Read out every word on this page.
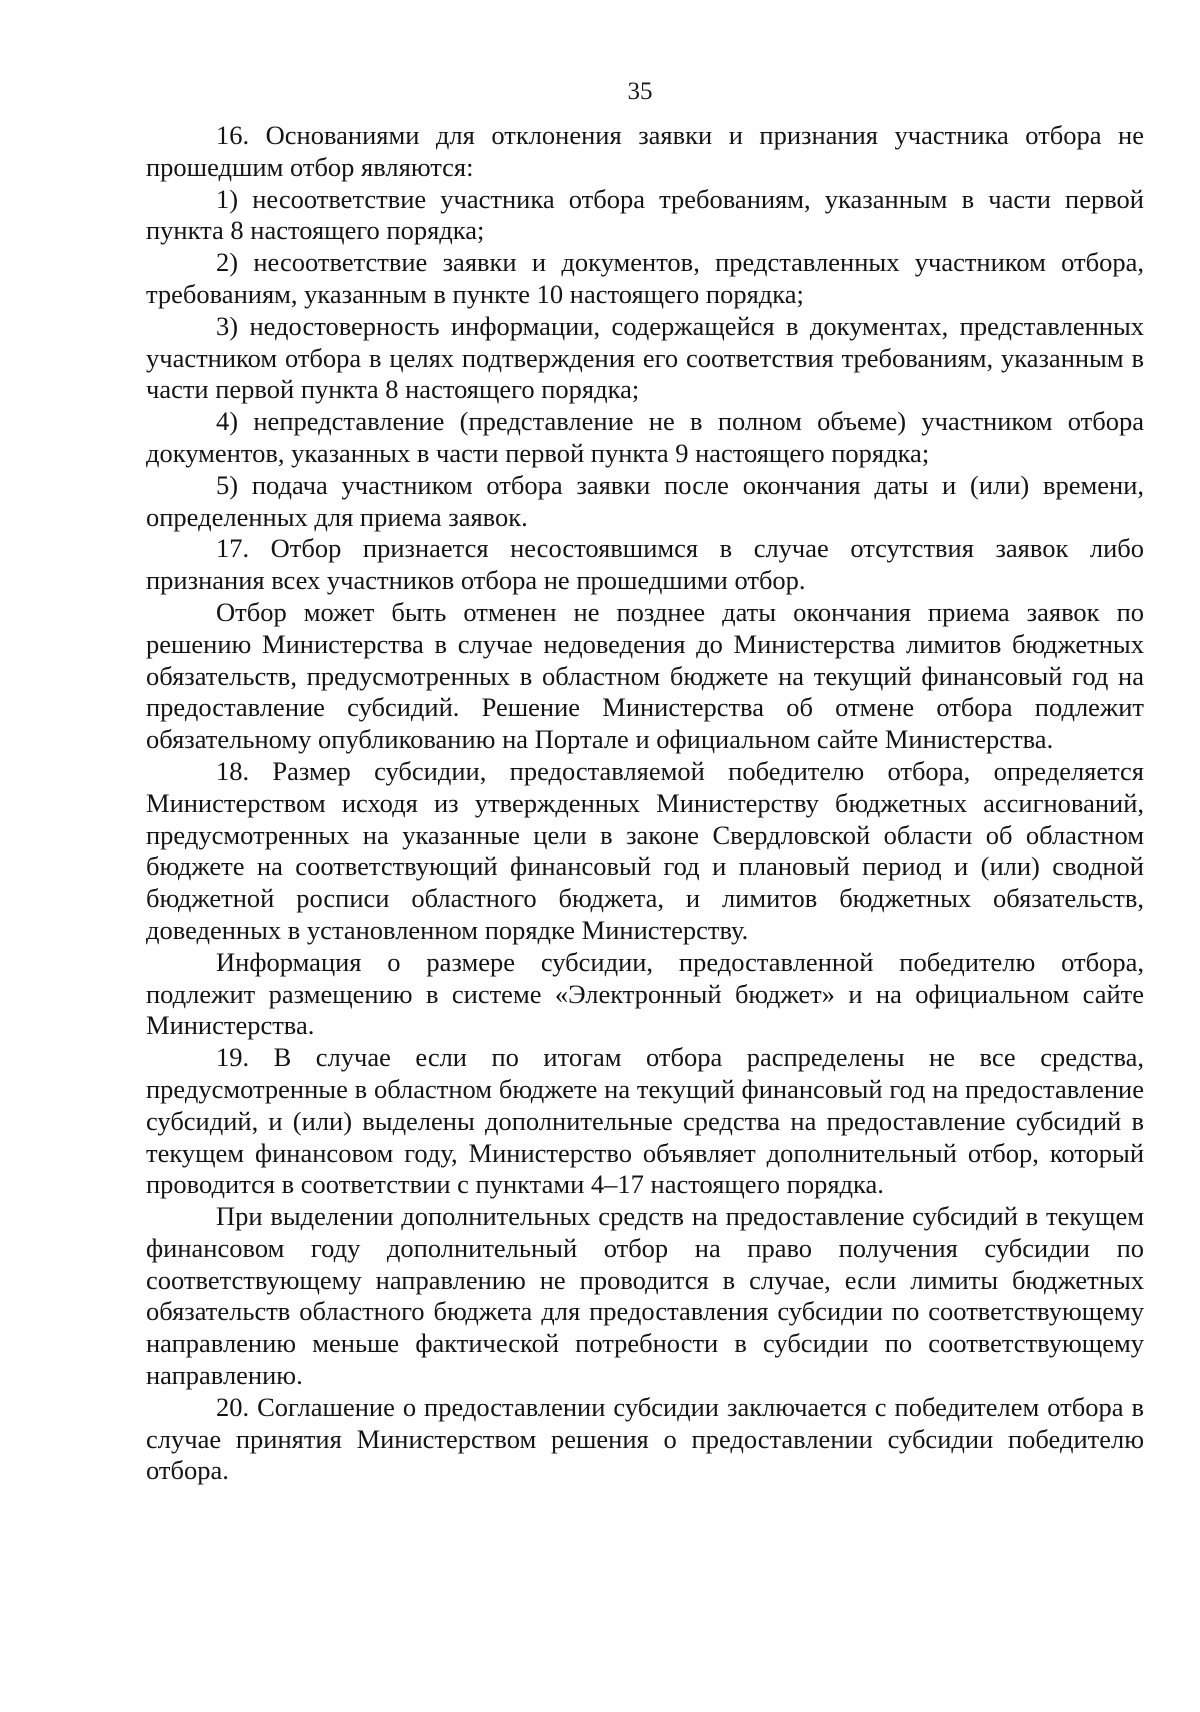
35

16. Основаниями для отклонения заявки и признания участника отбора не прошедшим отбор являются:

1) несоответствие участника отбора требованиям, указанным в части первой пункта 8 настоящего порядка;

2) несоответствие заявки и документов, представленных участником отбора, требованиям, указанным в пункте 10 настоящего порядка;

3) недостоверность информации, содержащейся в документах, представленных участником отбора в целях подтверждения его соответствия требованиям, указанным в части первой пункта 8 настоящего порядка;

4) непредставление (представление не в полном объеме) участником отбора документов, указанных в части первой пункта 9 настоящего порядка;

5) подача участником отбора заявки после окончания даты и (или) времени, определенных для приема заявок.

17. Отбор признается несостоявшимся в случае отсутствия заявок либо признания всех участников отбора не прошедшими отбор.

Отбор может быть отменен не позднее даты окончания приема заявок по решению Министерства в случае недоведения до Министерства лимитов бюджетных обязательств, предусмотренных в областном бюджете на текущий финансовый год на предоставление субсидий. Решение Министерства об отмене отбора подлежит обязательному опубликованию на Портале и официальном сайте Министерства.

18. Размер субсидии, предоставляемой победителю отбора, определяется Министерством исходя из утвержденных Министерству бюджетных ассигнований, предусмотренных на указанные цели в законе Свердловской области об областном бюджете на соответствующий финансовый год и плановый период и (или) сводной бюджетной росписи областного бюджета, и лимитов бюджетных обязательств, доведенных в установленном порядке Министерству.

Информация о размере субсидии, предоставленной победителю отбора, подлежит размещению в системе «Электронный бюджет» и на официальном сайте Министерства.

19. В случае если по итогам отбора распределены не все средства, предусмотренные в областном бюджете на текущий финансовый год на предоставление субсидий, и (или) выделены дополнительные средства на предоставление субсидий в текущем финансовом году, Министерство объявляет дополнительный отбор, который проводится в соответствии с пунктами 4–17 настоящего порядка.

При выделении дополнительных средств на предоставление субсидий в текущем финансовом году дополнительный отбор на право получения субсидии по соответствующему направлению не проводится в случае, если лимиты бюджетных обязательств областного бюджета для предоставления субсидии по соответствующему направлению меньше фактической потребности в субсидии по соответствующему направлению.

20. Соглашение о предоставлении субсидии заключается с победителем отбора в случае принятия Министерством решения о предоставлении субсидии победителю отбора.
